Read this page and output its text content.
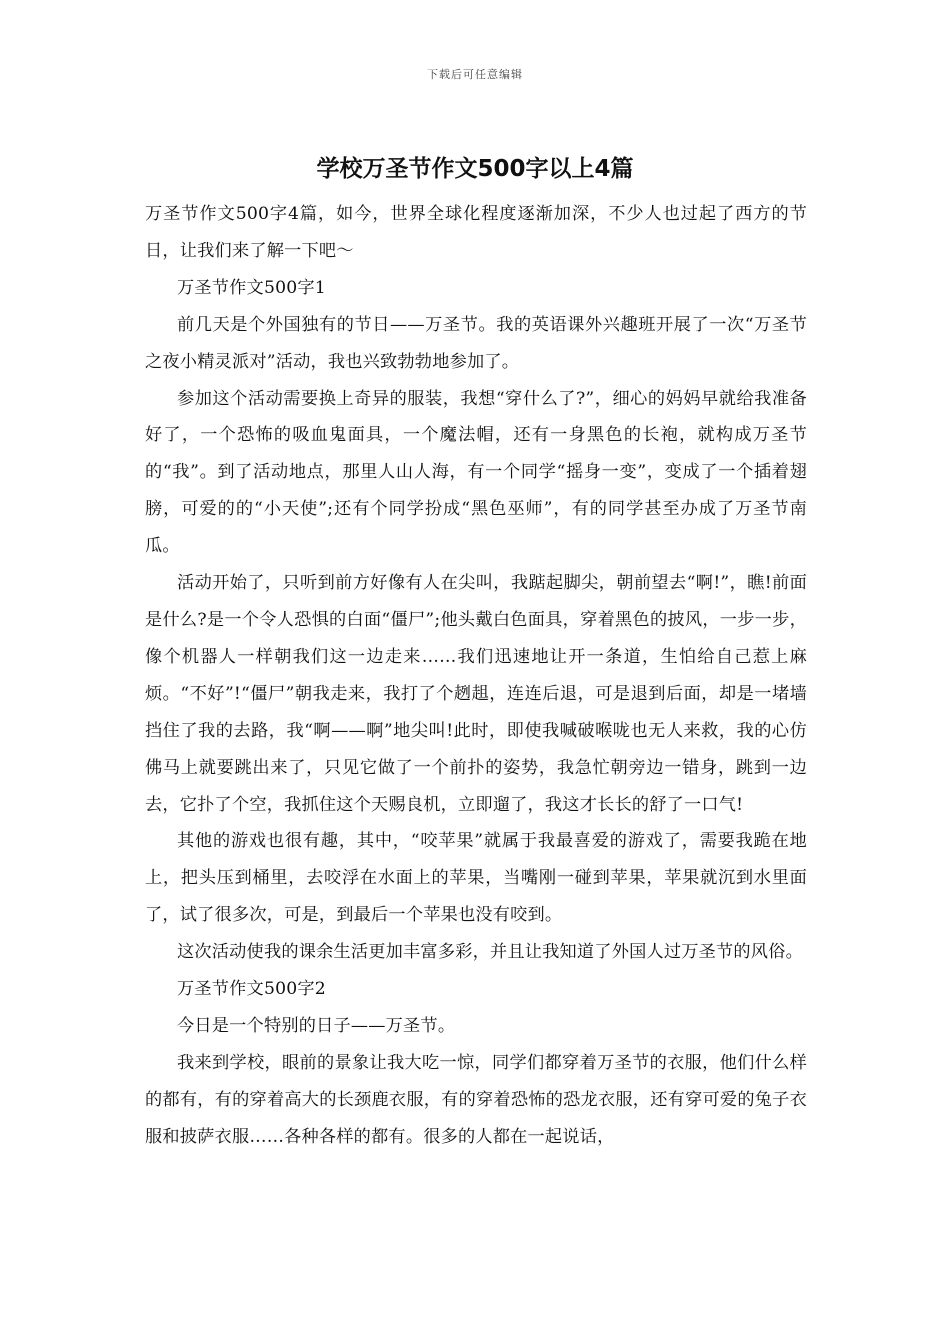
下载后可任意编辑
学校万圣节作文500字以上4篇

万圣节作文500字4篇，如今，世界全球化程度逐渐加深，不少人也过起了西方的节日，让我们来了解一下吧～

万圣节作文500字1

前几天是个外国独有的节日——万圣节。我的英语课外兴趣班开展了一次“万圣节之夜小精灵派对”活动，我也兴致勃勃地参加了。

参加这个活动需要换上奇异的服装，我想“穿什么了?”，细心的妈妈早就给我准备好了，一个恐怖的吸血鬼面具，一个魔法帽，还有一身黑色的长袍，就构成万圣节的“我”。到了活动地点，那里人山人海，有一个同学“摇身一变”，变成了一个插着翅膀，可爱的的“小天使”;还有个同学扮成“黑色巫师”，有的同学甚至办成了万圣节南瓜。

活动开始了，只听到前方好像有人在尖叫，我踮起脚尖，朝前望去“啊!”，瞧!前面是什么?是一个令人恐惧的白面“僵尸”;他头戴白色面具，穿着黑色的披风，一步一步，像个机器人一样朝我们这一边走来……我们迅速地让开一条道，生怕给自己惹上麻烦。“不好”!“僵尸”朝我走来，我打了个趔趄，连连后退，可是退到后面，却是一堵墙挡住了我的去路，我“啊——啊”地尖叫!此时，即使我喊破喉咙也无人来救，我的心仿佛马上就要跳出来了，只见它做了一个前扑的姿势，我急忙朝旁边一错身，跳到一边去，它扑了个空，我抓住这个天赐良机，立即遛了，我这才长长的舒了一口气!

其他的游戏也很有趣，其中，“咬苹果”就属于我最喜爱的游戏了，需要我跪在地上，把头压到桶里，去咬浮在水面上的苹果，当嘴刚一碰到苹果，苹果就沉到水里面了，试了很多次，可是，到最后一个苹果也没有咬到。

这次活动使我的课余生活更加丰富多彩，并且让我知道了外国人过万圣节的风俗。

万圣节作文500字2

今日是一个特别的日子——万圣节。

我来到学校，眼前的景象让我大吃一惊，同学们都穿着万圣节的衣服，他们什么样的都有，有的穿着高大的长颈鹿衣服，有的穿着恐怖的恐龙衣服，还有穿可爱的兔子衣服和披萨衣服……各种各样的都有。很多的人都在一起说话，
